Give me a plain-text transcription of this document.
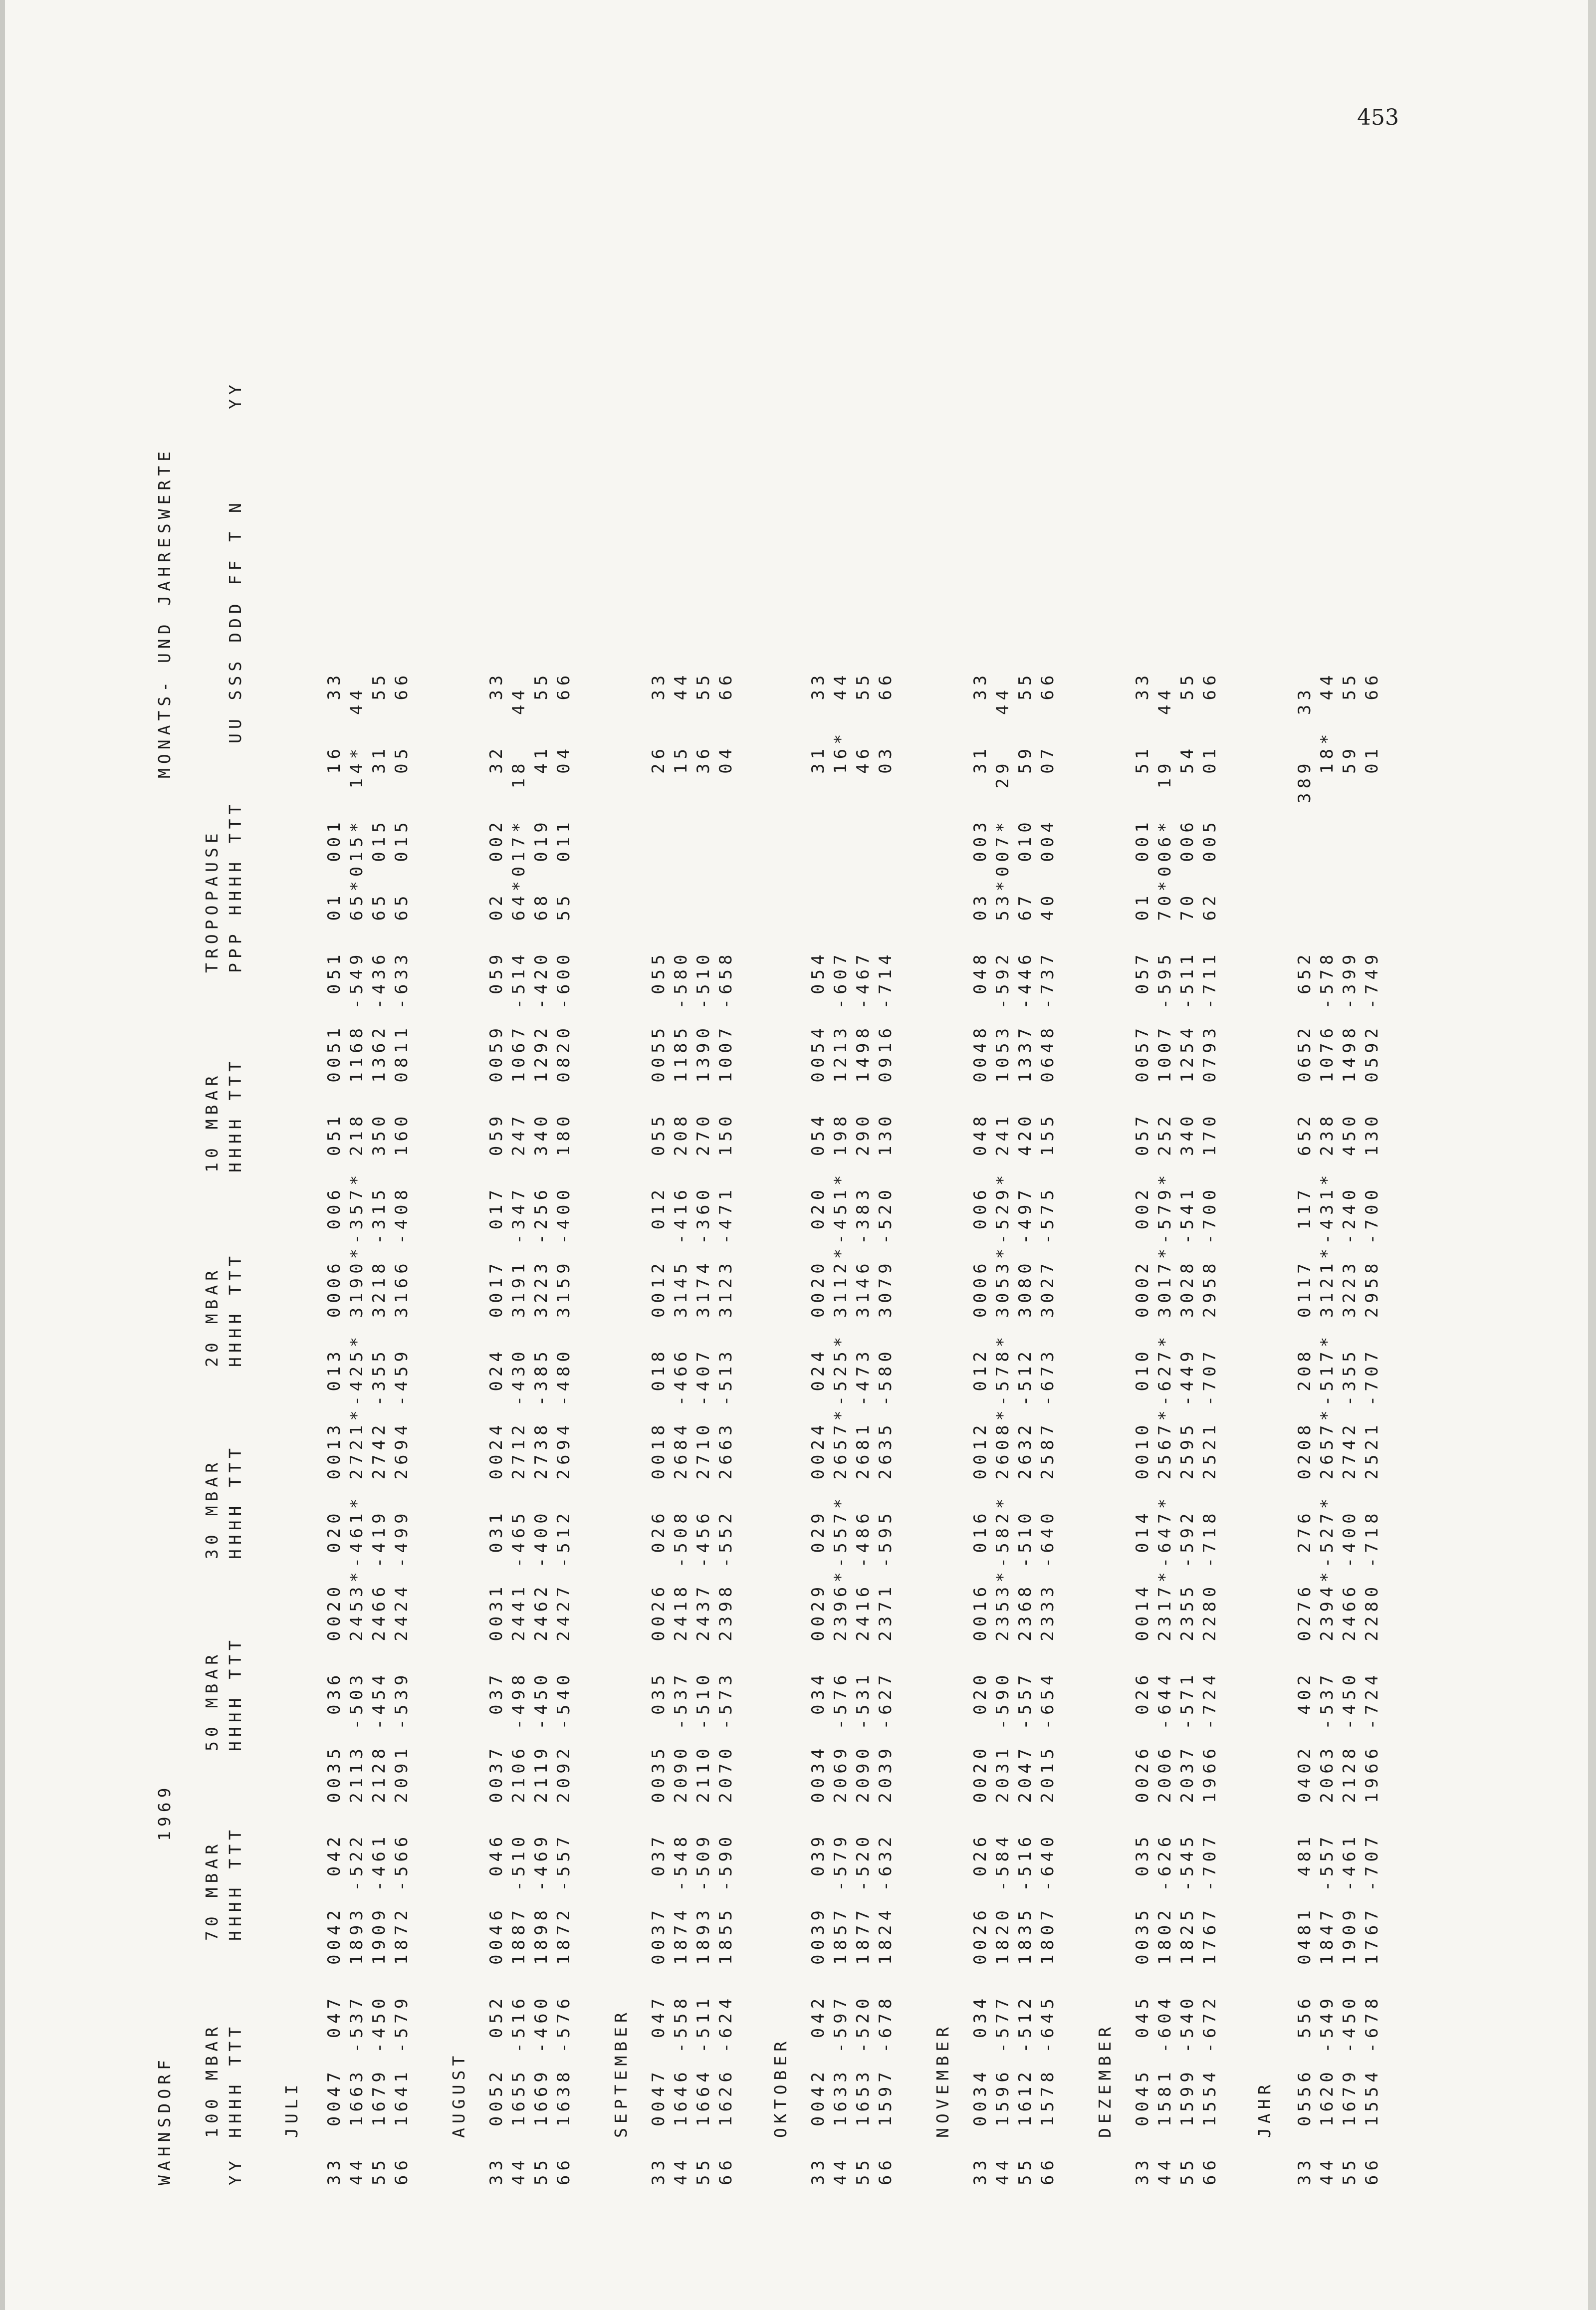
453
WAHNSDORF
1969
MONATS- UND JAHRESWERTE
100 MBAR
70 MBAR
50 MBAR
30 MBAR
20 MBAR
10 MBAR
TROPOPAUSE
YY
HHHH TTT
HHHH TTT
HHHH TTT
HHHH TTT
HHHH TTT
HHHH TTT
PPP HHHH TTT
UU SSS DDD FF T N
YY
JULI 33  0047  047  0042  042  0035  036  0020  020  0013  013  0006  006  051  0051  051  01  001   16   33 44  1663 -537  1893 -522  2113 -503  2453*-461* 2721*-425* 3190*-357* 218  1168 -549  65*015*  14*  44 55  1679 -450  1909 -461  2128 -454  2466 -419  2742 -355  3218 -315  350  1362 -436  65  015   31   55 66  1641 -579  1872 -566  2091 -539  2424 -499  2694 -459  3166 -408  160  0811 -633  65  015   05   66 AUGUST 33  0052  052  0046  046  0037  037  0031  031  0024  024  0017  017  059  0059  059  02  002   32   33 44  1655 -516  1887 -510  2106 -498  2441 -465  2712 -430  3191 -347  247  1067 -514  64*017*  18   44 55  1669 -460  1898 -469  2119 -450  2462 -400  2738 -385  3223 -256  340  1292 -420  68  019   41   55 66  1638 -576  1872 -557  2092 -540  2427 -512  2694 -480  3159 -400  180  0820 -600  55  011   04   66 SEPTEMBER 33  0047  047  0037  037  0035  035  0026  026  0018  018  0012  012  055  0055  055            26   33 44  1646 -558  1874 -548  2090 -537  2418 -508  2684 -466  3145 -416  208  1185 -580            15   44 55  1664 -511  1893 -509  2110 -510  2437 -456  2710 -407  3174 -360  270  1390 -510            36   55 66  1626 -624  1855 -590  2070 -573  2398 -552  2663 -513  3123 -471  150  1007 -658            04   66 OKTOBER 33  0042  042  0039  039  0034  034  0029  029  0024  024  0020  020  054  0054  054            31   33 44  1633 -597  1857 -579  2069 -576  2396*-557* 2657*-525* 3112*-451* 198  1213 -607            16*  44 55  1653 -520  1877 -520  2090 -531  2416 -486  2681 -473  3146 -383  290  1498 -467            46   55 66  1597 -678  1824 -632  2039 -627  2371 -595  2635 -580  3079 -520  130  0916 -714            03   66 NOVEMBER 33  0034  034  0026  026  0020  020  0016  016  0012  012  0006  006  048  0048  048  03  003   31   33 44  1596 -577  1820 -584  2031 -590  2353*-582* 2608*-578* 3053*-529* 241  1053 -592  53*007*  29   44 55  1612 -512  1835 -516  2047 -557  2368 -510  2632 -512  3080 -497  420  1337 -446  67  010   59   55 66  1578 -645  1807 -640  2015 -654  2333 -640  2587 -673  3027 -575  155  0648 -737  40  004   07   66 DEZEMBER 33  0045  045  0035  035  0026  026  0014  014  0010  010  0002  002  057  0057  057  01  001   51   33 44  1581 -604  1802 -626  2006 -644  2317*-647* 2567*-627* 3017*-579* 252  1007 -595  70*006*  19   44 55  1599 -540  1825 -545  2037 -571  2355 -592  2595 -449  3028 -541  340  1254 -511  70  006   54   55 66  1554 -672  1767 -707  1966 -724  2280 -718  2521 -707  2958 -700  170  0793 -711  62  005   01   66 JAHR 33  0556  556  0481  481  0402  402  0276  276  0208  208  0117  117  652  0652  652          389   33 44  1620 -549  1847 -557  2063 -537  2394*-527* 2657*-517* 3121*-431* 238  1076 -578            18*  44 55  1679 -450  1909 -461  2128 -450  2466 -400  2742 -355  3223 -240  450  1498 -399            59   55 66  1554 -678  1767 -707  1966 -724  2280 -718  2521 -707  2958 -700  130  0592 -749            01   66
